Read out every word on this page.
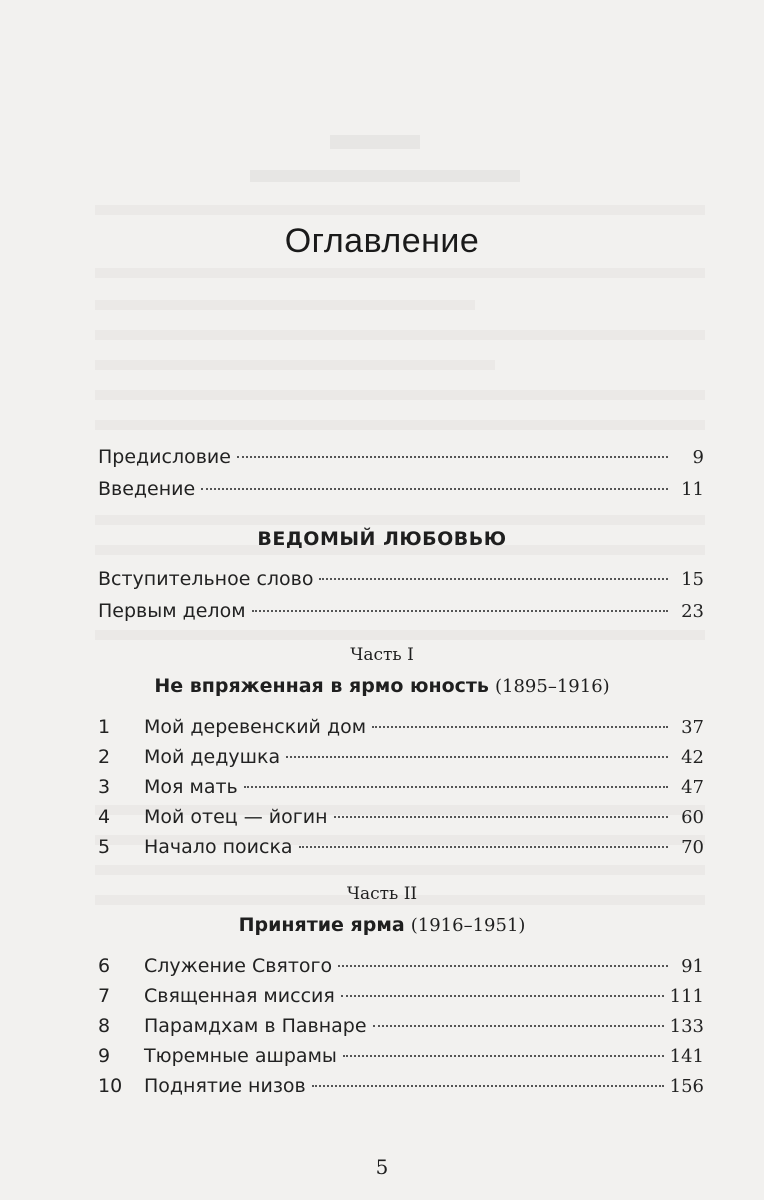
Оглавление
Предисловие	9
Введение	11
ВЕДОМЫЙ ЛЮБОВЬЮ
Вступительное слово	15
Первым делом	23
Часть I
Не впряженная в ярмо юность (1895–1916)
1	Мой деревенский дом	37
2	Мой дедушка	42
3	Моя мать	47
4	Мой отец — йогин	60
5	Начало поиска	70
Часть II
Принятие ярма (1916–1951)
6	Служение Святого	91
7	Священная миссия	111
8	Парамдхам в Павнаре	133
9	Тюремные ашрамы	141
10	Поднятие низов	156
5
